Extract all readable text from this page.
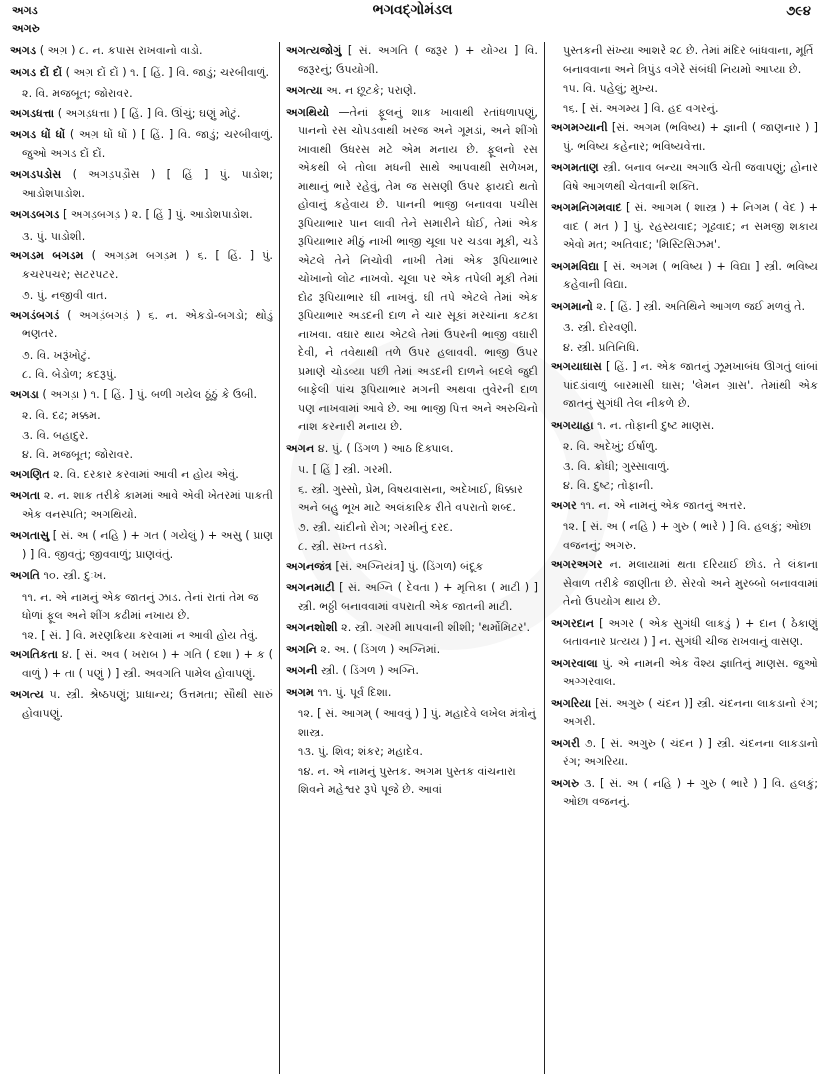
અગડ
અગરુ
ભગવદ્ગોમંડલ	૭૯૪

અગડ ( અગ઼ ) ૮. ન. કપાસ રાખવાનો વાડો.

અગડ દોં દોં ( અગ઼ દોં દોં ) ૧. [ હિં. ] વિ. જાડું; ચરબીવાળું.

૨. વિ. મજબૂત; જોરાવર.

અગડધત્તા ( અગડ઼ધત્તા ) [ હિં. ] વિ. ઊંચું; ઘણું મોટું.

અગડ ધોં ધોં ( અગ઼ ધોં ધોં ) [ હિં. ] વિ. જાડું; ચરબીવાળું. જુઓ અગડ દોં દોં.

અગડપડોસ ( અગડ઼પડ઼ૌસ ) [ હિં ] પું. પાડોશ; આડોશપાડોશ.

અગડબગડ [ અગડ઼બગડ઼ ) ૨. [ હિં ] પું. આડોશપાડોશ.

૩. પું. પાડોશી.

અગડમ બગડમ ( અગડ઼મ બગડ઼મ ) ૬. [ હિં. ] પું. કચરપચર; સટરપટર.

૭. પું. નજીવી વાત.

અગડંબગડં ( અગડ઼ંબગડ઼ં ) ૬. ન. એકડો-બગડો; થોડું ભણતર.

૭. વિ. ખરૂંખોટું.

૮. વિ. બેડોળ; કદરૂપું.

અગડા ( અગડ઼ા ) ૧. [ હિં. ] પું. બળી ગયેલ ઠૂંઠું કે ઉબી.

૨. વિ. દઢ; મક્કમ.

૩. વિ. બહાદુર.

૪. વિ. મજબૂત; જોરાવર.

અગણિત ૨. વિ. દરકાર કરવામાં આવી ન હોય એવું.

અગતા ૨. ન. શાક તરીકે કામમાં આવે એવી ખેતરમાં પાકતી એક વનસ્પતિ; અગથિયો.

અગતાસુ [ સં. અ ( નહિ ) + ગત ( ગયેલું ) + અસુ ( પ્રાણ ) ] વિ. જીવતું; જીવવાળું; પ્રાણવંતું.

અગતિ ૧૦. સ્ત્રી. દુઃખ.

૧૧. ન. એ નામનું એક જાતનું ઝાડ. તેનાં રાતાં તેમ જ ધોળાં ફૂલ અને શીંગ કઢીમાં નખાય છે.

૧૨. [ સં. ] વિ. મરણક્રિયા કરવામાં ન આવી હોય તેવું.

અગતિકતા ૪. [ સં. અવ ( ખરાબ ) + ગતિ ( દશા ) + ક ( વાળું ) + તા ( પણું ) ] સ્ત્રી. અવગતિ પામેલ હોવાપણું.

અગત્ય ૫. સ્ત્રી. શ્રેષ્ઠપણું; પ્રાધાન્ય; ઉત્તમતા; સૌથી સારું હોવાપણું.

અગત્યજોગું [ સં. અગતિ ( જરૂર ) + યોગ્ય ] વિ. જરૂરનું; ઉપયોગી.

અગત્યા અ. ન છૂટકે; પરાણે.

અગથિયો —તેનાં ફૂલનું શાક ખાવાથી રતાંધળાપણું, પાનનો રસ ચોપડવાથી ખરજ અને ગૂમડાં, અને શીંગો ખાવાથી ઉધરસ મટે એમ મનાય છે. ફૂલનો રસ એકથી બે તોલા મધની સાથે આપવાથી સળેખમ, માથાનું ભારે રહેવું, તેમ જ સસણી ઉપર ફાયદો થતો હોવાનું કહેવાય છે. પાનની ભાજી બનાવવા પચીસ રૂપિયાભાર પાન લાવી તેને સમારીને ધોઈ, તેમાં એક રૂપિયાભાર મીઠું નાખી ભાજી ચૂલા પર ચડવા મૂકી, ચડે એટલે તેને નિચોવી નાખી તેમાં એક રૂપિયાભાર ચોખાનો લોટ નાખવો. ચૂલા પર એક તપેલી મૂકી તેમાં દોઢ રૂપિયાભાર ઘી નાખવું. ઘી તપે એટલે તેમાં એક રૂપિયાભાર અડદની દાળ ને ચાર સૂકાં મરચાંના કટકા નાખવા. વઘાર થાય એટલે તેમાં ઉપરની ભાજી વઘારી દેવી, ને તવેથાથી તળે ઉપર હલાવવી. ભાજી ઉપર પ્રમાણે ચોડવ્યા પછી તેમાં અડદની દાળને બદલે જુદી બાફેલી પાંચ રૂપિયાભાર મગની અથવા તુવેરની દાળ પણ નાખવામાં આવે છે. આ ભાજી પિત્ત અને અરુચિનો નાશ કરનારી મનાય છે.

અગન ૪. પું. ( ડિંગળ ) આઠ દિક્પાલ.

૫. [ હિં ] સ્ત્રી. ગરમી.

૬. સ્ત્રી. ગુસ્સો, પ્રેમ, વિષયવાસના, અદેખાઈ, ધિક્કાર અને બહુ ભૂખ માટે અલંકારિક રીતે વપરાતો શબ્દ.

૭. સ્ત્રી. ચાંદીનો રોગ; ગરમીનું દરદ.

૮. સ્ત્રી. સખ્ત તડકો.

અગનજંત્ર [સં. અગ્નિયંત્ર] પું. (ડિંગળ) બંદૂક

અગનમાટી [ સં. અગ્નિ ( દેવતા ) + મૃત્તિકા ( માટી ) ] સ્ત્રી. ભઠ્ઠી બનાવવામાં વપરાતી એક જાતની માટી.

અગનશોશી ૨. સ્ત્રી. ગરમી માપવાની શીશી; 'થર્મોમિટર'.

અગનિ ૨. અ. ( ડિંગળ ) અગ્નિમાં.

અગની સ્ત્રી. ( ડિંગળ ) અગ્નિ.

અગમ ૧૧. પું. પૂર્વ દિશા.

૧૨. [ સં. આગમ્ ( આવવું ) ] પું. મહાદેવે લખેલ મંત્રોનું શાસ્ત્ર.

૧૩. પું. શિવ; શંકર; મહાદેવ.

૧૪. ન. એ નામનું પુસ્તક. અગમ પુસ્તક વાંચનારા શિવને મહેશ્વર રૂપે પૂજે છે. આવાં

પુસ્તકની સંખ્યા આશરે ૨૮ છે. તેમાં મંદિર બાંધવાના, મૂર્તિ બનાવવાના અને ત્રિપુંડ વગેરે સંબંધી નિયમો આપ્યા છે.

૧૫. વિ. પહેલું; મુખ્ય.

૧૬. [ સં. અગમ્ય ] વિ. હદ વગરનું.

અગમગ્યાની [સં. અગમ (ભવિષ્ય) + જ્ઞાની ( જાણનાર ) ] પું. ભવિષ્ય કહેનાર; ભવિષ્યવેત્તા.

અગમતાણ સ્ત્રી. બનાવ બન્યા અગાઉ ચેતી જવાપણું; હોનાર વિષે આગળથી ચેતવાની શક્તિ.

અગમનિગમવાદ [ સં. આગમ ( શાસ્ત્ર ) + નિગમ ( વેદ ) + વાદ ( મત ) ] પું. રહસ્યવાદ; ગૂઢવાદ; ન સમજી શકાય એવો મત; અતિવાદ; 'મિસ્ટિસિઝમ'.

અગમવિદ્યા [ સં. અગમ ( ભવિષ્ય ) + વિદ્યા ] સ્ત્રી. ભવિષ્ય કહેવાની વિદ્યા.

અગમાનો ૨. [ હિં. ] સ્ત્રી. અતિથિને આગળ જઈ મળવું તે.

૩. સ્ત્રી. દોરવણી.

૪. સ્ત્રી. પ્રતિનિધિ.

અગયાઘાસ [ હિં. ] ન. એક જાતનું ઝૂમખાબંધ ઊગતું લાંબાં પાંદડાંવાળું બારમાસી ઘાસ; 'લેમન ગ્રાસ'. તેમાંથી એક જાતનું સુગંધી તેલ નીકળે છે.

અગયાહા ૧. ન. તોફાની દુષ્ટ માણસ.

૨. વિ. અદેખું; ઈર્ષાળુ.

૩. વિ. ક્રોધી; ગુસ્સાવાળું.

૪. વિ. દુષ્ટ; તોફાની.

અગર ૧૧. ન. એ નામનું એક જાતનું અત્તર.

૧૨. [ સં. અ ( નહિ ) + ગુરુ ( ભારે ) ] વિ. હલકું; ઓછા વજનનું; અગરુ.

અગરઅગર ન. મલાયામાં થતા દરિયાઈ છોડ. તે લંકાના સેવાળ તરીકે જાણીતા છે. સેરવો અને મુરબ્બો બનાવવામાં તેનો ઉપયોગ થાય છે.

અગરદાન [ અગર ( એક સુગંધી લાકડું ) + દાન ( ઠેકાણું બતાવનાર પ્રત્યય ) ] ન. સુગંધી ચીજ રાખવાનું વાસણ.

અગરવાલા પું. એ નામની એક વૈશ્ય જ્ઞાતિનું માણસ. જુઓ અગ્ગરવાલ.

અગરિયા [સં. અગુરુ ( ચંદન )] સ્ત્રી. ચંદનના લાકડાનો રંગ; અગરી.

અગરી ૭. [ સં. અગુરુ ( ચંદન ) ] સ્ત્રી. ચંદનના લાકડાનો રંગ; અગરિયા.

અગરુ ૩. [ સં. અ ( નહિ ) + ગુરુ ( ભારે ) ] વિ. હલકું; ઓછા વજનનું.
